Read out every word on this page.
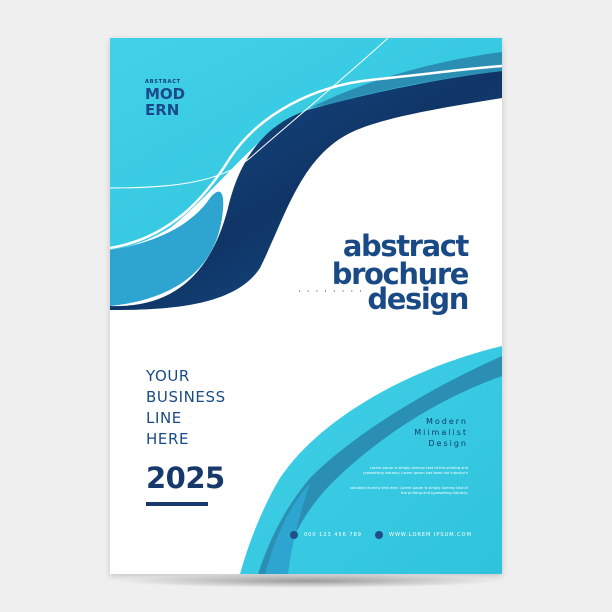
ABSTRACT
MOD
ERN
abstract
brochure
design
· · · · · · · ·
YOUR
BUSINESS
LINE
HERE
2025
Modern
Miimalist
Design
Lorem ipsum is simply dummy text of the printing and
typesetting industry. Lorem ipsum has been the industry's
standard dummy text ever. Lorem ipsum is simply dummy text of
the printing and typesetting industry.
000 123 456 789	WWW.LOREM IPSUM.COM
